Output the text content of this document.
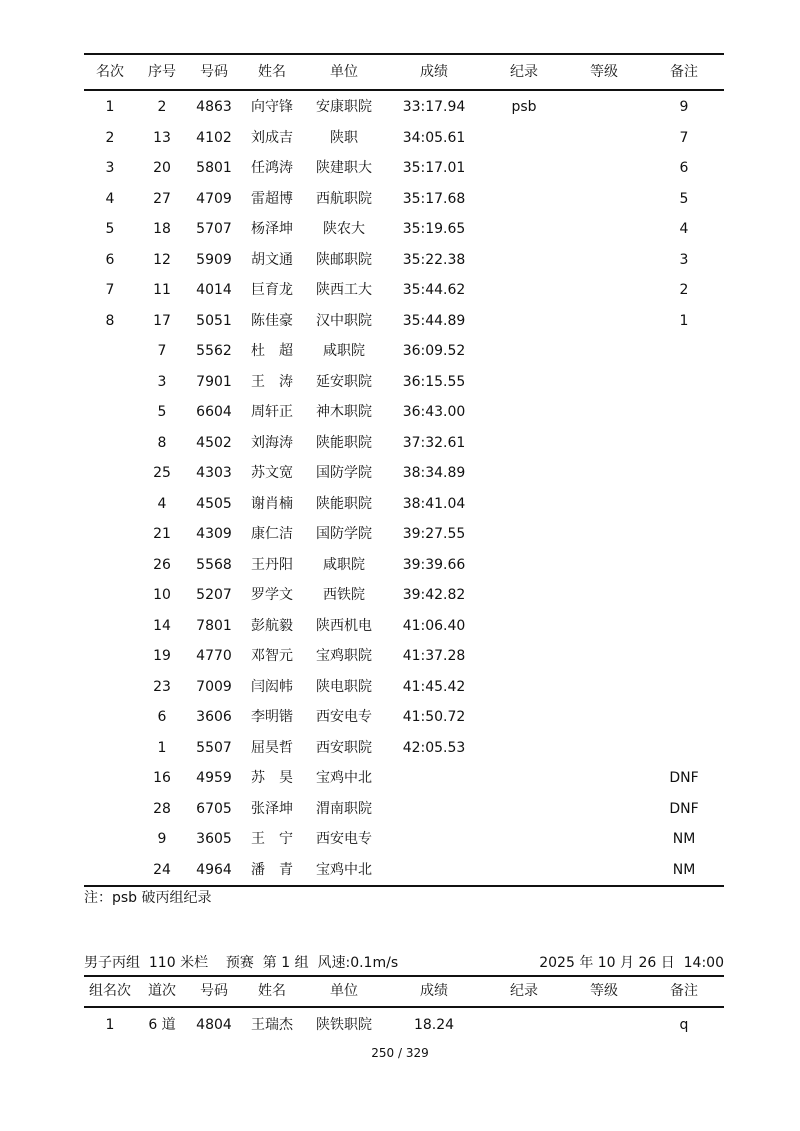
名次	序号	号码	姓名	单位	成绩	纪录	等级	备注
1	2	4863	向守锋	安康职院	33:17.94	psb		9
2	13	4102	刘成吉	陕职	34:05.61			7
3	20	5801	任鸿涛	陕建职大	35:17.01			6
4	27	4709	雷超博	西航职院	35:17.68			5
5	18	5707	杨泽坤	陕农大	35:19.65			4
6	12	5909	胡文通	陕邮职院	35:22.38			3
7	11	4014	巨育龙	陕西工大	35:44.62			2
8	17	5051	陈佳豪	汉中职院	35:44.89			1
	7	5562	杜　超	咸职院	36:09.52			
	3	7901	王　涛	延安职院	36:15.55			
	5	6604	周轩正	神木职院	36:43.00			
	8	4502	刘海涛	陕能职院	37:32.61			
	25	4303	苏文宽	国防学院	38:34.89			
	4	4505	谢肖楠	陕能职院	38:41.04			
	21	4309	康仁洁	国防学院	39:27.55			
	26	5568	王丹阳	咸职院	39:39.66			
	10	5207	罗学文	西铁院	39:42.82			
	14	7801	彭航毅	陕西机电	41:06.40			
	19	4770	邓智元	宝鸡职院	41:37.28			
	23	7009	闫闳帏	陕电职院	41:45.42			
	6	3606	李明锴	西安电专	41:50.72			
	1	5507	屈昊哲	西安职院	42:05.53			
	16	4959	苏　昊	宝鸡中北				DNF
	28	6705	张泽坤	渭南职院				DNF
	9	3605	王　宁	西安电专				NM
	24	4964	潘　青	宝鸡中北				NM
注：psb 破丙组纪录
男子丙组  110 米栏    预赛  第 1 组  风速:0.1m/s	2025 年 10 月 26 日  14:00
组名次	道次	号码	姓名	单位	成绩	纪录	等级	备注
1	6 道	4804	王瑞杰	陕铁职院	18.24			q
250 / 329
